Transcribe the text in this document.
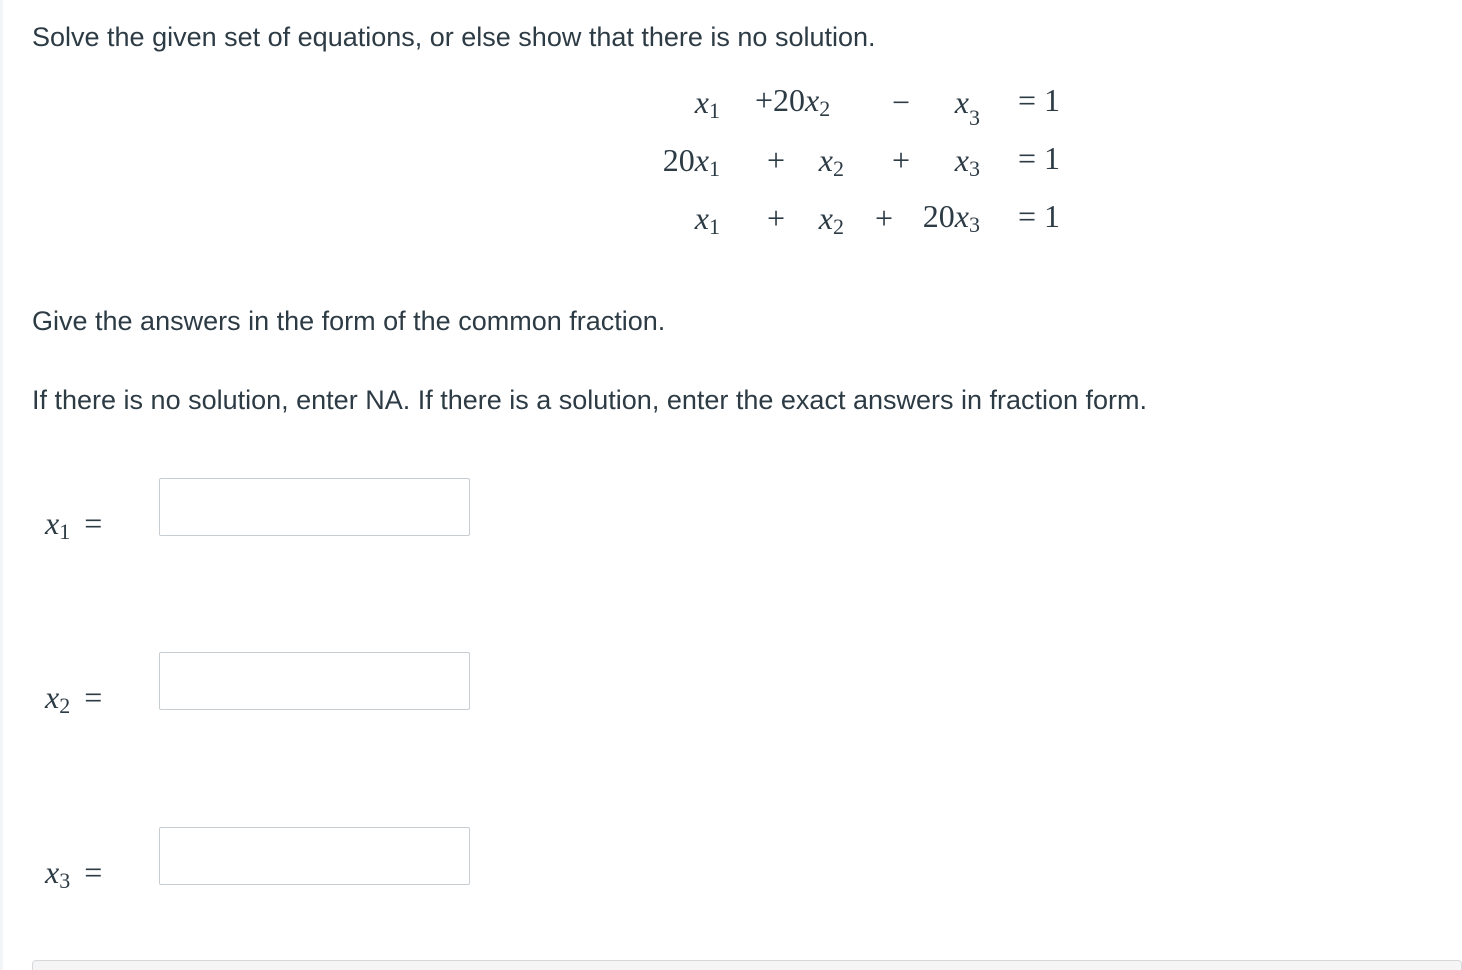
Solve the given set of equations, or else show that there is no solution.

$x_1 +20x_2$ −	$x_3 = 1$
$20x_1$ +	$x_2$ +	$x_3 = 1$
$x_1$ +	$x_2 + 20x_3 = 1$

Give the answers in the form of the common fraction.

If there is no solution, enter NA. If there is a solution, enter the exact answers in fraction form.

$x_1$ =
$x_2$ =
$x_3$ =
